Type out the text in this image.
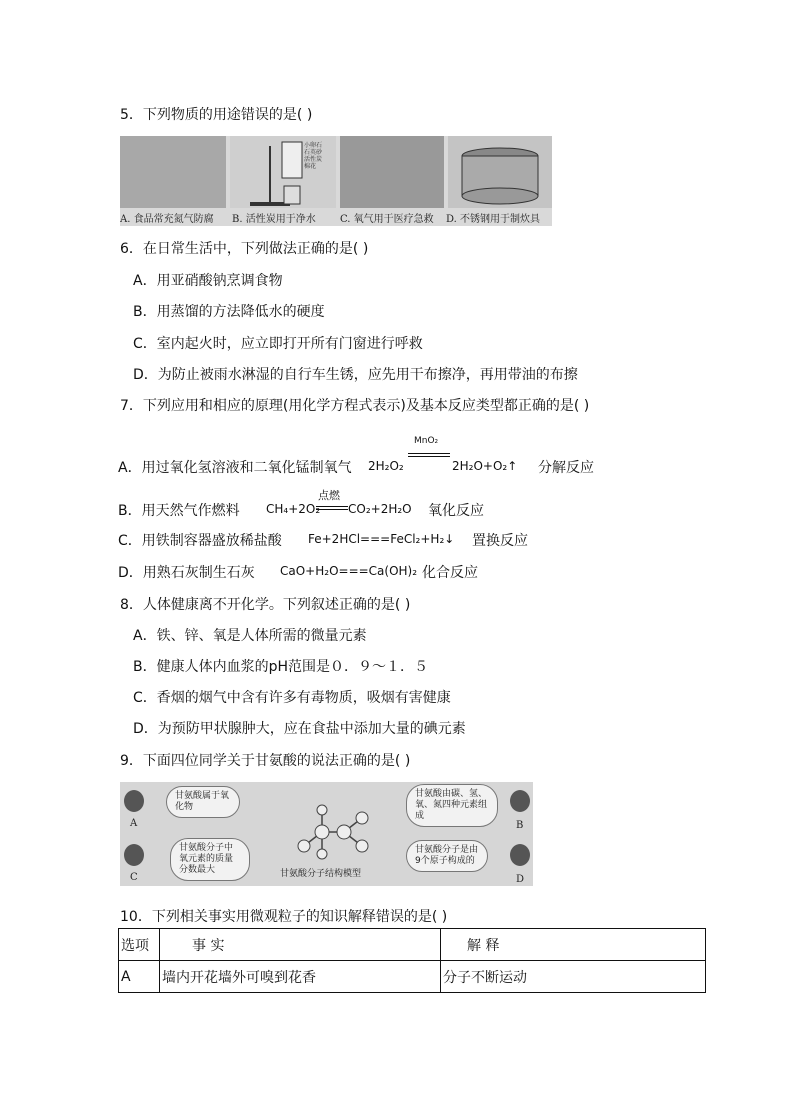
5．下列物质的用途错误的是( )
A. 食品常充氮气防腐 B. 活性炭用于净水 C. 氧气用于医疗急救 D. 不锈钢用于制炊具
小卵石
石英砂
活性炭
棉花
6．在日常生活中，下列做法正确的是( )
A．用亚硝酸钠烹调食物
B．用蒸馏的方法降低水的硬度
C．室内起火时，应立即打开所有门窗进行呼救
D．为防止被雨水淋湿的自行车生锈，应先用干布擦净，再用带油的布擦
7．下列应用和相应的原理(用化学方程式表示)及基本反应类型都正确的是( )
A．用过氧化氢溶液和二氧化锰制氧气 2H₂O₂
MnO₂
2H₂O+O₂↑ 分解反应
B．用天然气作燃料 CH₄+2O₂
点燃
CO₂+2H₂O 氧化反应
C．用铁制容器盛放稀盐酸 Fe+2HCl===FeCl₂+H₂↓ 置换反应
D．用熟石灰制生石灰 CaO+H₂O===Ca(OH)₂ 化合反应
8．人体健康离不开化学。下列叙述正确的是( )
A．铁、锌、氧是人体所需的微量元素
B．健康人体内血浆的pH范围是０．９～１．５
C．香烟的烟气中含有许多有毒物质，吸烟有害健康
D．为预防甲状腺肿大，应在食盐中添加大量的碘元素
9．下面四位同学关于甘氨酸的说法正确的是( )
A
甘氨酸属于氧化物
B
甘氨酸由碳、氢、氧、氮四种元素组成
C
甘氨酸分子中氧元素的质量分数最大
D
甘氨酸分子是由9个原子构成的
甘氨酸分子结构模型
10．下列相关事实用微观粒子的知识解释错误的是( )
选项	事 实	解 释
A	墙内开花墙外可嗅到花香	分子不断运动
